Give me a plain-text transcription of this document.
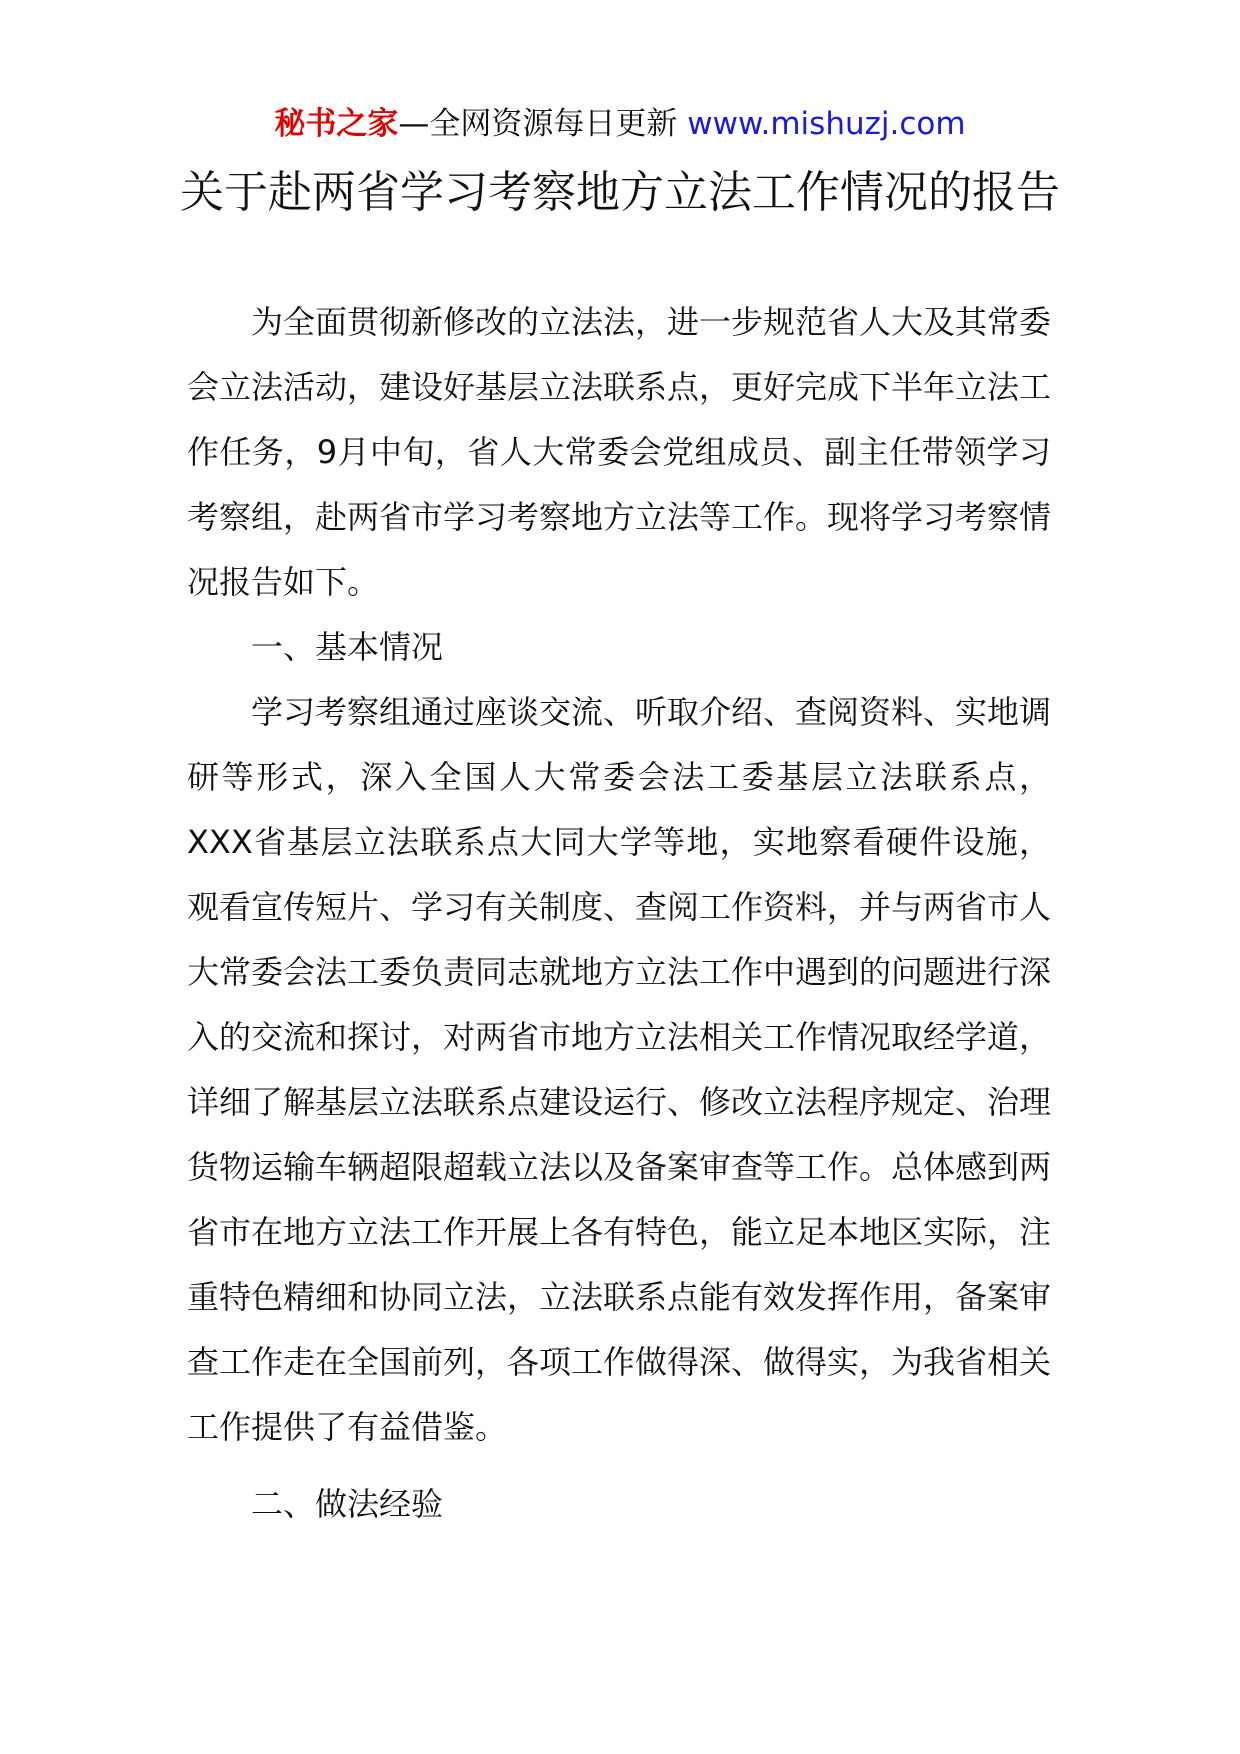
秘书之家—全网资源每日更新 www.mishuzj.com
关于赴两省学习考察地方立法工作情况的报告

为全面贯彻新修改的立法法，进一步规范省人大及其常委会立法活动，建设好基层立法联系点，更好完成下半年立法工作任务，9月中旬，省人大常委会党组成员、副主任带领学习考察组，赴两省市学习考察地方立法等工作。现将学习考察情况报告如下。

一、基本情况

学习考察组通过座谈交流、听取介绍、查阅资料、实地调研等形式，深入全国人大常委会法工委基层立法联系点，XXX省基层立法联系点大同大学等地，实地察看硬件设施，观看宣传短片、学习有关制度、查阅工作资料，并与两省市人大常委会法工委负责同志就地方立法工作中遇到的问题进行深入的交流和探讨，对两省市地方立法相关工作情况取经学道，详细了解基层立法联系点建设运行、修改立法程序规定、治理货物运输车辆超限超载立法以及备案审查等工作。总体感到两省市在地方立法工作开展上各有特色，能立足本地区实际，注重特色精细和协同立法，立法联系点能有效发挥作用，备案审查工作走在全国前列，各项工作做得深、做得实，为我省相关工作提供了有益借鉴。

二、做法经验
